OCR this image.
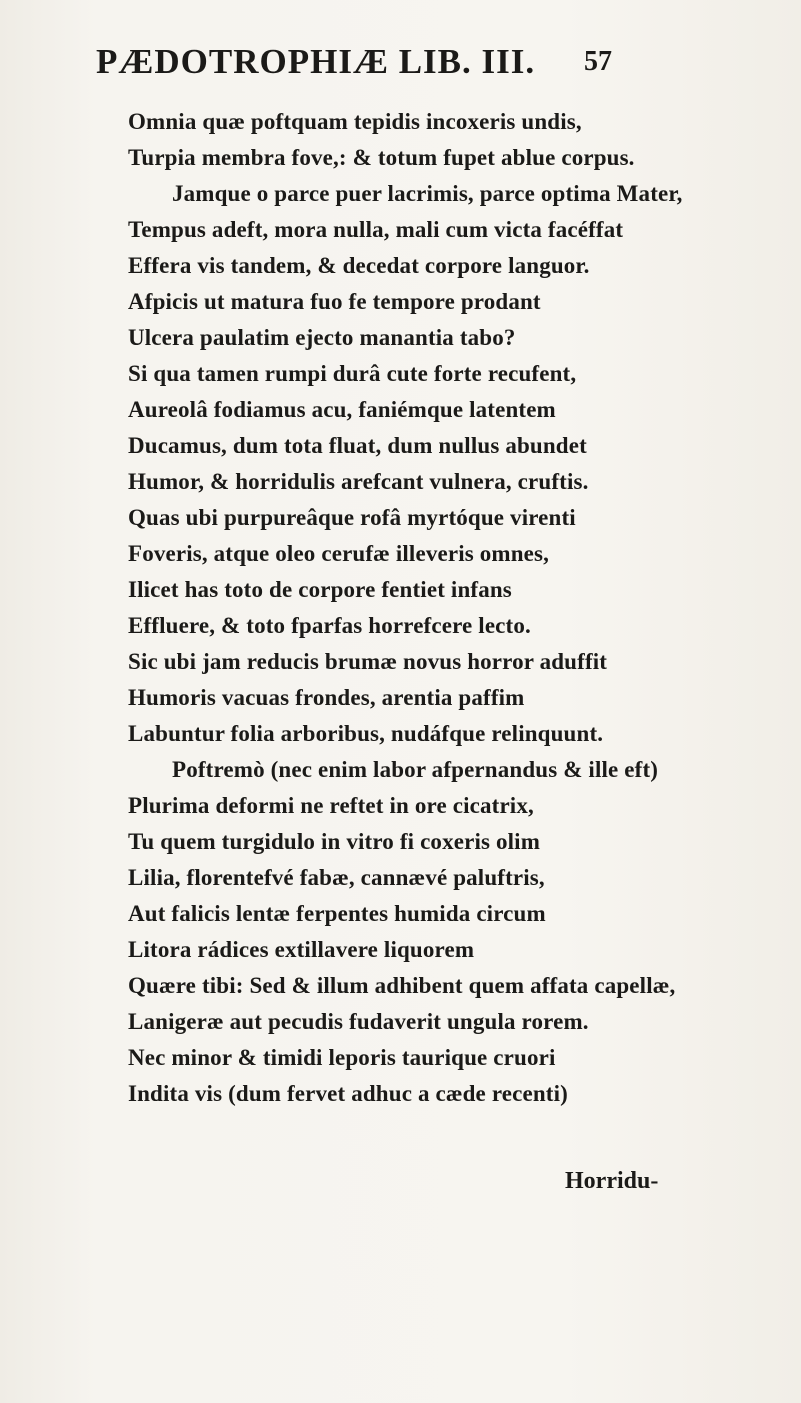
PÆDOTROPHIÆ LIB. III. 57
Omnia quæ poftquam tepidis incoxeris undis,
Turpia membra fove,: & totum fupet ablue corpus.
Jamque o parce puer lacrimis, parce optima Mater,
Tempus adeft, mora nulla, mali cum victa facéffat
Effera vis tandem, & decedat corpore languor.
Afpicis ut matura fuo fe tempore prodant
Ulcera paulatim ejecto manantia tabo?
Si qua tamen rumpi durâ cute forte recufent,
Aureolâ fodiamus acu, faniémque latentem
Ducamus, dum tota fluat, dum nullus abundet
Humor, & horridulis arefcant vulnera, cruftis.
Quas ubi purpureâque rofâ myrtóque virenti
Foveris, atque oleo cerufæ illeveris omnes,
Ilicet has toto de corpore fentiet infans
Effluere, & toto fparfas horrefcere lecto.
Sic ubi jam reducis brumæ novus horror aduffit
Humoris vacuas frondes, arentia paffim
Labuntur folia arboribus, nudáfque relinquunt.
Poftremò (nec enim labor afpernandus & ille eft)
Plurima deformi ne reftet in ore cicatrix,
Tu quem turgidulo in vitro fi coxeris olim
Lilia, florentefvé fabæ, cannævé paluftris,
Aut falicis lentæ ferpentes humida circum
Litora rádices extillavere liquorem
Quære tibi: Sed & illum adhibent quem affata capellæ,
Lanigeræ aut pecudis fudaverit ungula rorem.
Nec minor & timidi leporis taurique cruori
Indita vis (dum fervet adhuc a cæde recenti)
Horridu-
